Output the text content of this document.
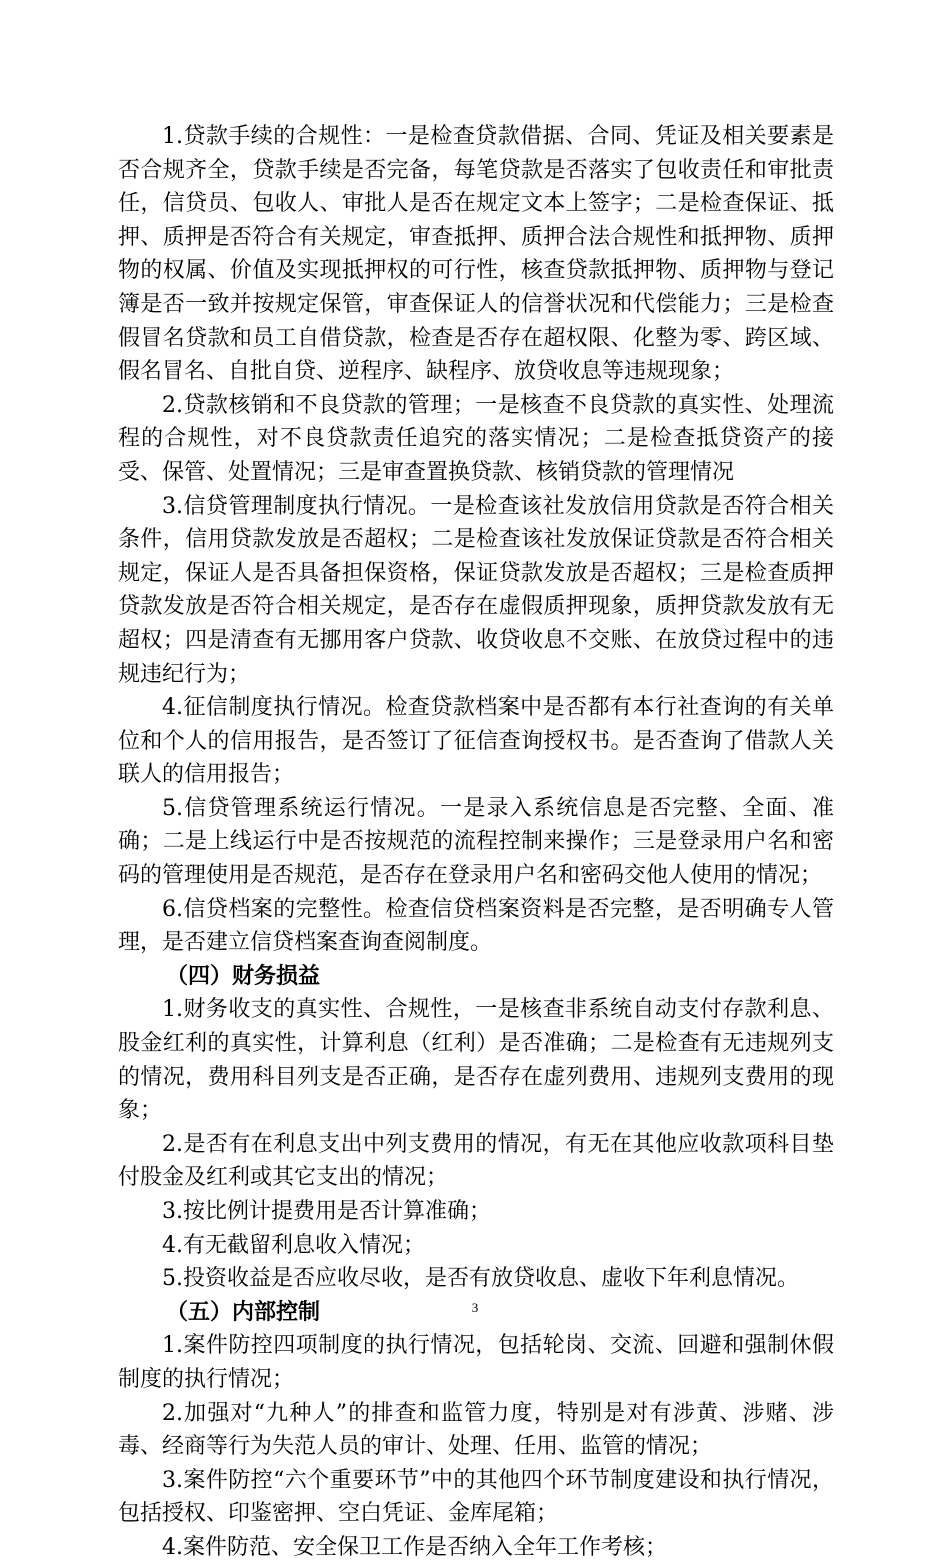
1.贷款手续的合规性：一是检查贷款借据、合同、凭证及相关要素是否合规齐全，贷款手续是否完备，每笔贷款是否落实了包收责任和审批责任，信贷员、包收人、审批人是否在规定文本上签字；二是检查保证、抵押、质押是否符合有关规定，审查抵押、质押合法合规性和抵押物、质押物的权属、价值及实现抵押权的可行性，核查贷款抵押物、质押物与登记簿是否一致并按规定保管，审查保证人的信誉状况和代偿能力；三是检查假冒名贷款和员工自借贷款，检查是否存在超权限、化整为零、跨区域、假名冒名、自批自贷、逆程序、缺程序、放贷收息等违规现象；

2.贷款核销和不良贷款的管理；一是核查不良贷款的真实性、处理流程的合规性，对不良贷款责任追究的落实情况；二是检查抵贷资产的接受、保管、处置情况；三是审查置换贷款、核销贷款的管理情况

3.信贷管理制度执行情况。一是检查该社发放信用贷款是否符合相关条件，信用贷款发放是否超权；二是检查该社发放保证贷款是否符合相关规定，保证人是否具备担保资格，保证贷款发放是否超权；三是检查质押贷款发放是否符合相关规定，是否存在虚假质押现象，质押贷款发放有无超权；四是清查有无挪用客户贷款、收贷收息不交账、在放贷过程中的违规违纪行为；

4.征信制度执行情况。检查贷款档案中是否都有本行社查询的有关单位和个人的信用报告，是否签订了征信查询授权书。是否查询了借款人关联人的信用报告；

5.信贷管理系统运行情况。一是录入系统信息是否完整、全面、准确；二是上线运行中是否按规范的流程控制来操作；三是登录用户名和密码的管理使用是否规范，是否存在登录用户名和密码交他人使用的情况；

6.信贷档案的完整性。检查信贷档案资料是否完整，是否明确专人管理，是否建立信贷档案查询查阅制度。

（四）财务损益

1.财务收支的真实性、合规性，一是核查非系统自动支付存款利息、股金红利的真实性，计算利息（红利）是否准确；二是检查有无违规列支的情况，费用科目列支是否正确，是否存在虚列费用、违规列支费用的现象；

2.是否有在利息支出中列支费用的情况，有无在其他应收款项科目垫付股金及红利或其它支出的情况；

3.按比例计提费用是否计算准确；

4.有无截留利息收入情况；

5.投资收益是否应收尽收，是否有放贷收息、虚收下年利息情况。

（五）内部控制

1.案件防控四项制度的执行情况，包括轮岗、交流、回避和强制休假制度的执行情况；

2.加强对“九种人”的排查和监管力度，特别是对有涉黄、涉赌、涉毒、经商等行为失范人员的审计、处理、任用、监管的情况；

3.案件防控“六个重要环节”中的其他四个环节制度建设和执行情况，包括授权、印鉴密押、空白凭证、金库尾箱；

4.案件防范、安全保卫工作是否纳入全年工作考核；

3
